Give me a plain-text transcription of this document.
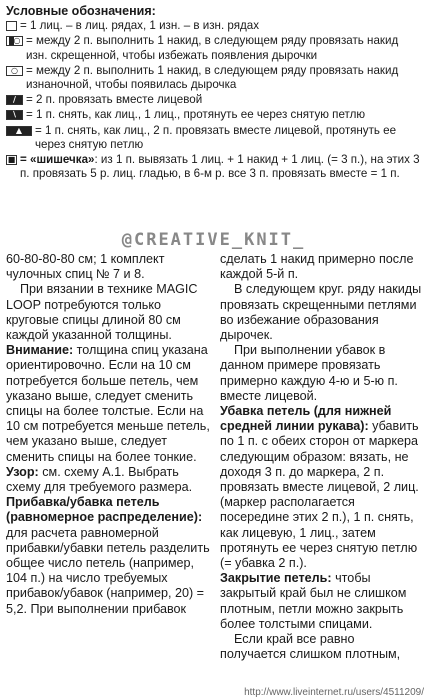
Условные обозначения:
= 1 лиц. – в лиц. рядах, 1 изн. – в изн. рядах
○ = между 2 п. выполнить 1 накид, в следующем ряду провязать накид изн. скрещенной, чтобы избежать появления дырочки
○ = между 2 п. выполнить 1 накид, в следующем ряду провязать накид изнаночной, чтобы появилась дырочка
∕ = 2 п. провязать вместе лицевой
∖ = 1 п. снять, как лиц., 1 лиц., протянуть ее через снятую петлю
▲	= 1 п. снять, как лиц., 2 п. провязать вместе лицевой, протянуть ее через снятую петлю
■ = «шишечка»: из 1 п. вывязать 1 лиц. + 1 накид + 1 лиц. (= 3 п.), на этих 3 п. провязать 5 р. лиц. гладью, в 6-м р. все 3 п. провязать вместе = 1 п.
@CREATIVE_KNIT_

60-80-80-80 см; 1 комплект чулочных спиц № 7 и 8.

При вязании в технике MAGIC LOOP потребуются только круговые спицы длиной 80 см каждой указанной толщины.

Внимание: толщина спиц указана ориентировочно. Если на 10 см потребуется больше петель, чем указано выше, следует сменить спицы на более толстые. Если на 10 см потребуется меньше петель, чем указано выше, следует сменить спицы на более тонкие.

Узор: см. схему А.1. Выбрать схему для требуемого размера.

Прибавка/убавка петель (равномерное распределение): для расчета равномерной прибавки/убавки петель разделить общее число петель (например, 104 п.) на число требуемых прибавок/убавок (например, 20) = 5,2. При выполнении прибавок

сделать 1 накид примерно после каждой 5-й п.

В следующем круг. ряду накиды провязать скрещенными петлями во избежание образования дырочек.

При выполнении убавок в данном примере провязать примерно каждую 4-ю и 5-ю п. вместе лицевой.

Убавка петель (для нижней средней линии рукава): убавить по 1 п. с обеих сторон от маркера следующим образом: вязать, не доходя 3 п. до маркера, 2 п. провязать вместе лицевой, 2 лиц. (маркер располагается посередине этих 2 п.), 1 п. снять, как лицевую, 1 лиц., затем протянуть ее через снятую петлю (= убавка 2 п.).

Закрытие петель: чтобы закрытый край был не слишком плотным, петли можно закрыть более толстыми спицами.

Если край все равно получается слишком плотным,

http://www.liveinternet.ru/users/4511209/
